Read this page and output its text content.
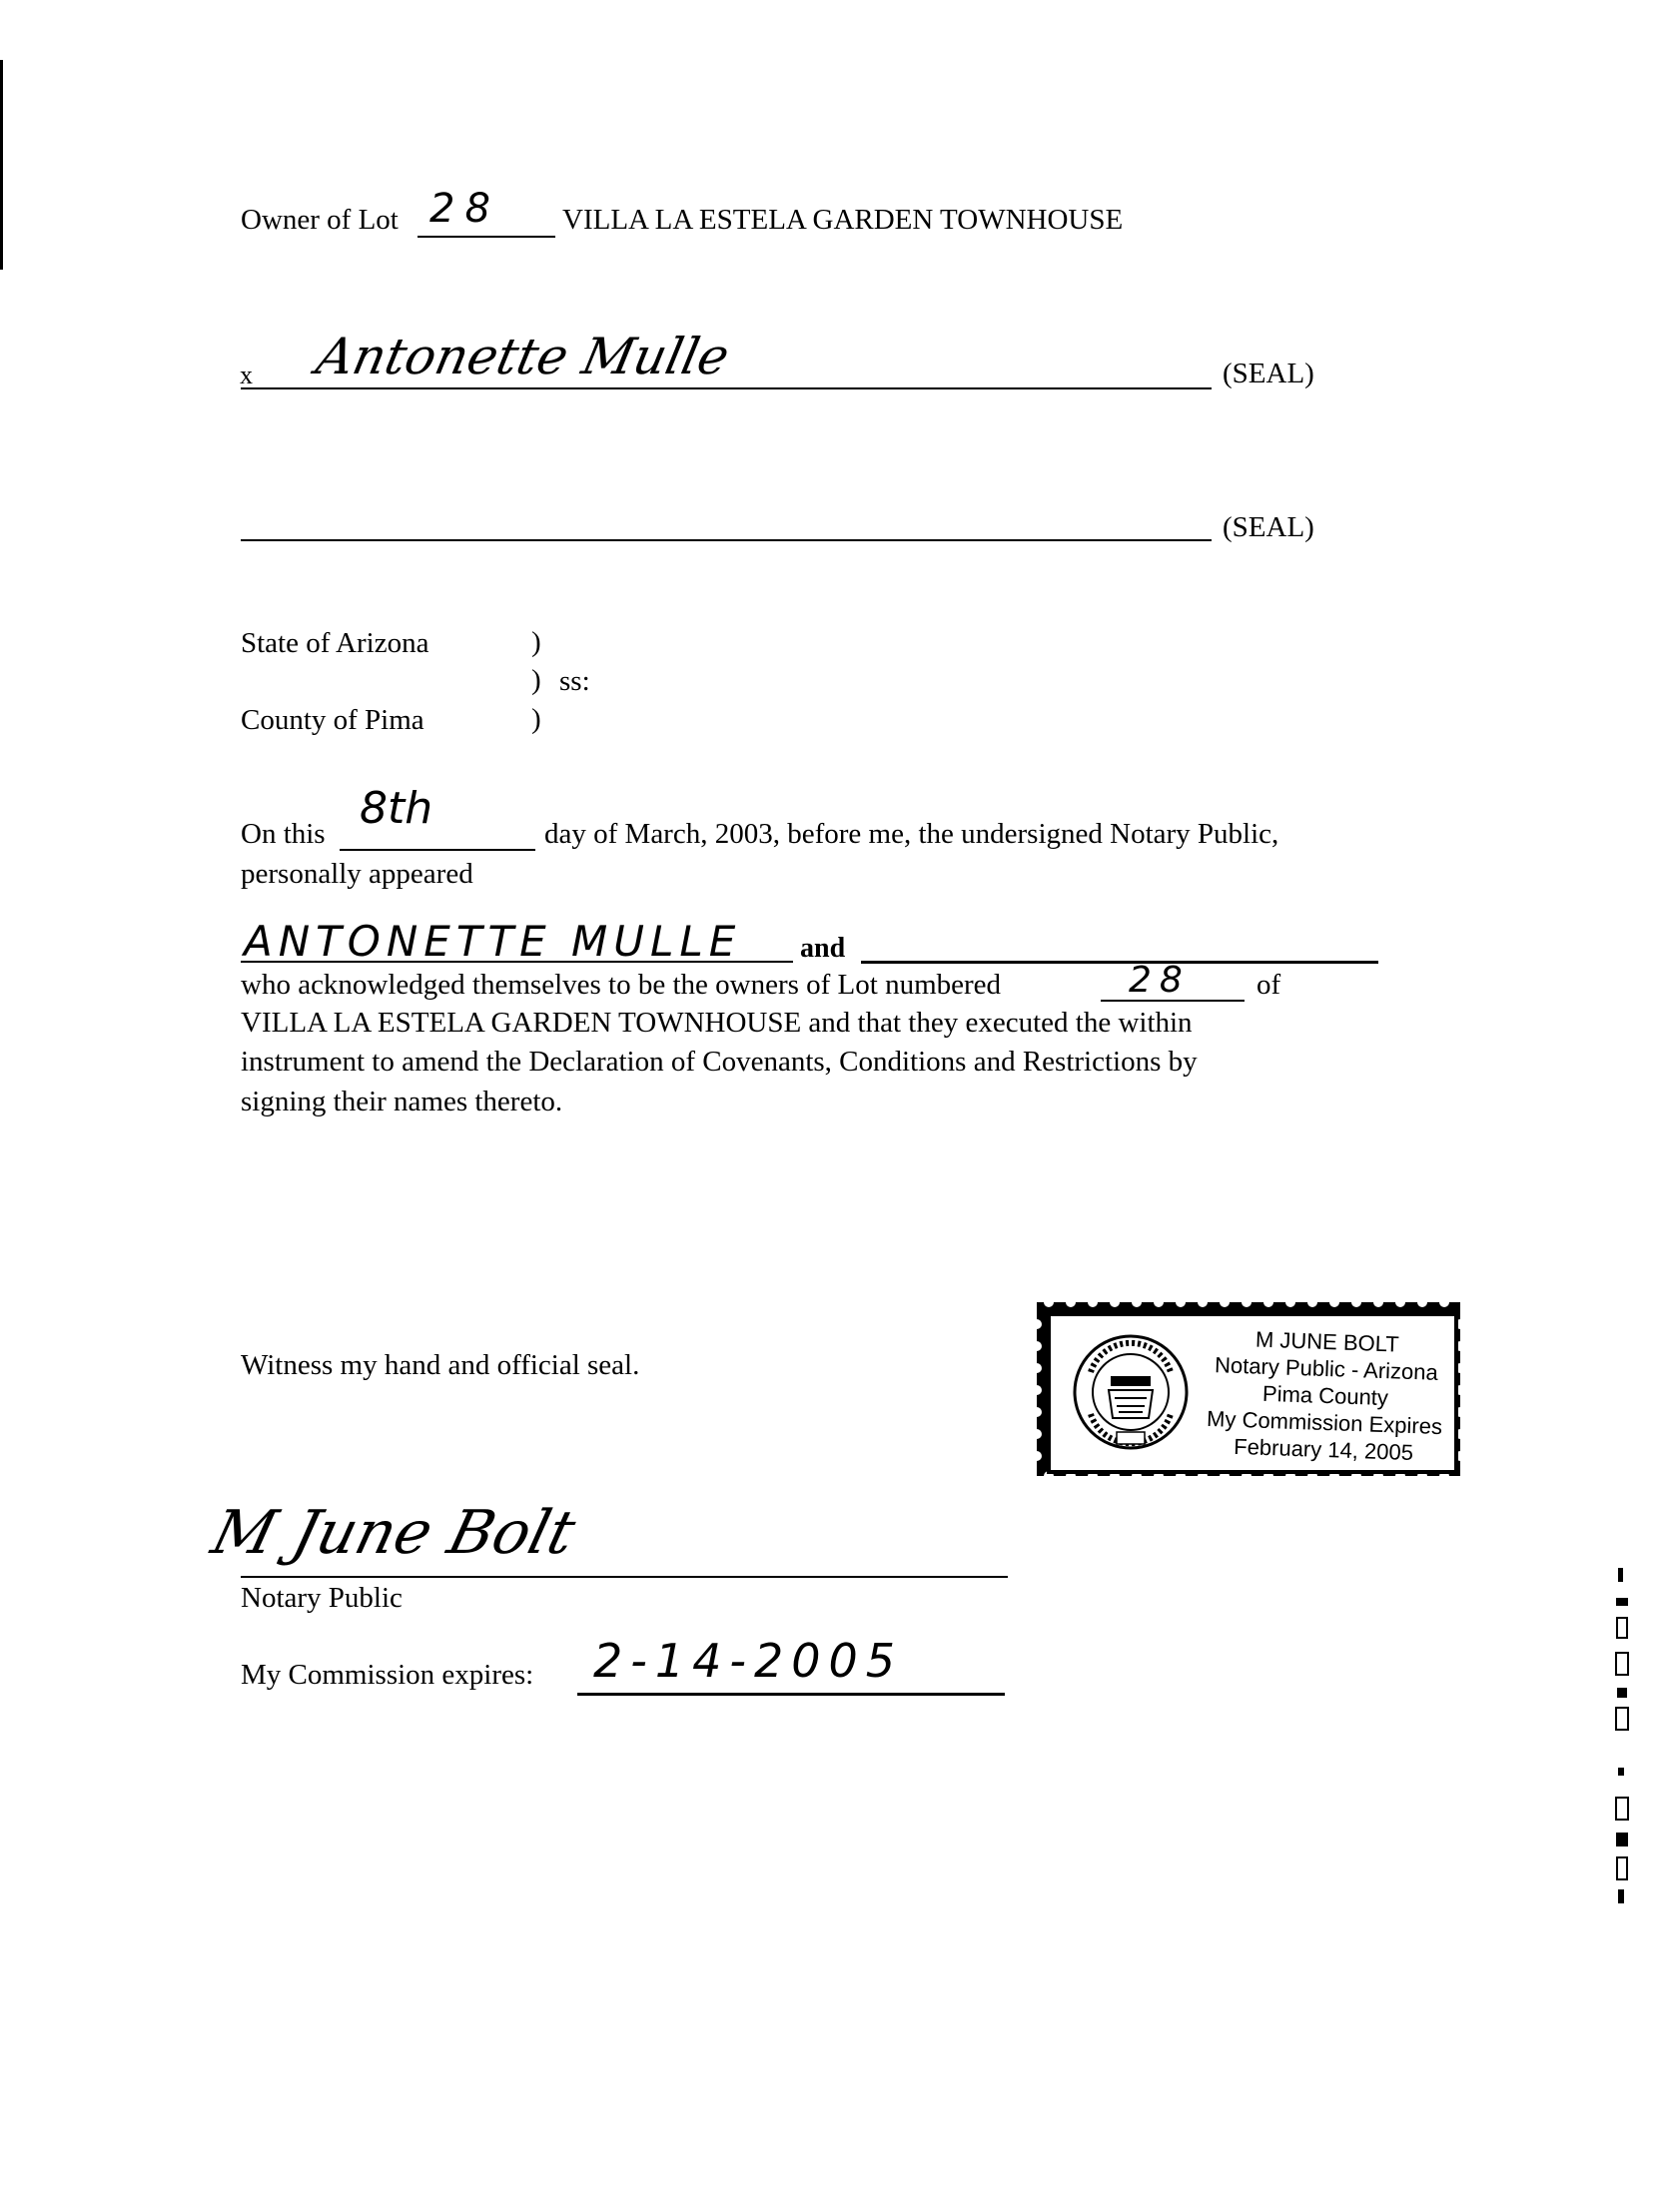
Owner of Lot 28 VILLA LA ESTELA GARDEN TOWNHOUSE
x Antonette Mulle	(SEAL)
(SEAL)
State of Arizona	)
) ss:
County of Pima	)
On this 8th	day of March, 2003, before me, the undersigned Notary Public,
personally appeared
ANTONETTE MULLE and
who acknowledged themselves to be the owners of Lot numbered	28 of
VILLA LA ESTELA GARDEN TOWNHOUSE and that they executed the within
instrument to amend the Declaration of Covenants, Conditions and Restrictions by
signing their names thereto.
Witness my hand and official seal.
M JUNE BOLT
Notary Public - Arizona
Pima County
My Commission Expires
February 14, 2005
M June Bolt
Notary Public
My Commission expires: 2-14-2005
